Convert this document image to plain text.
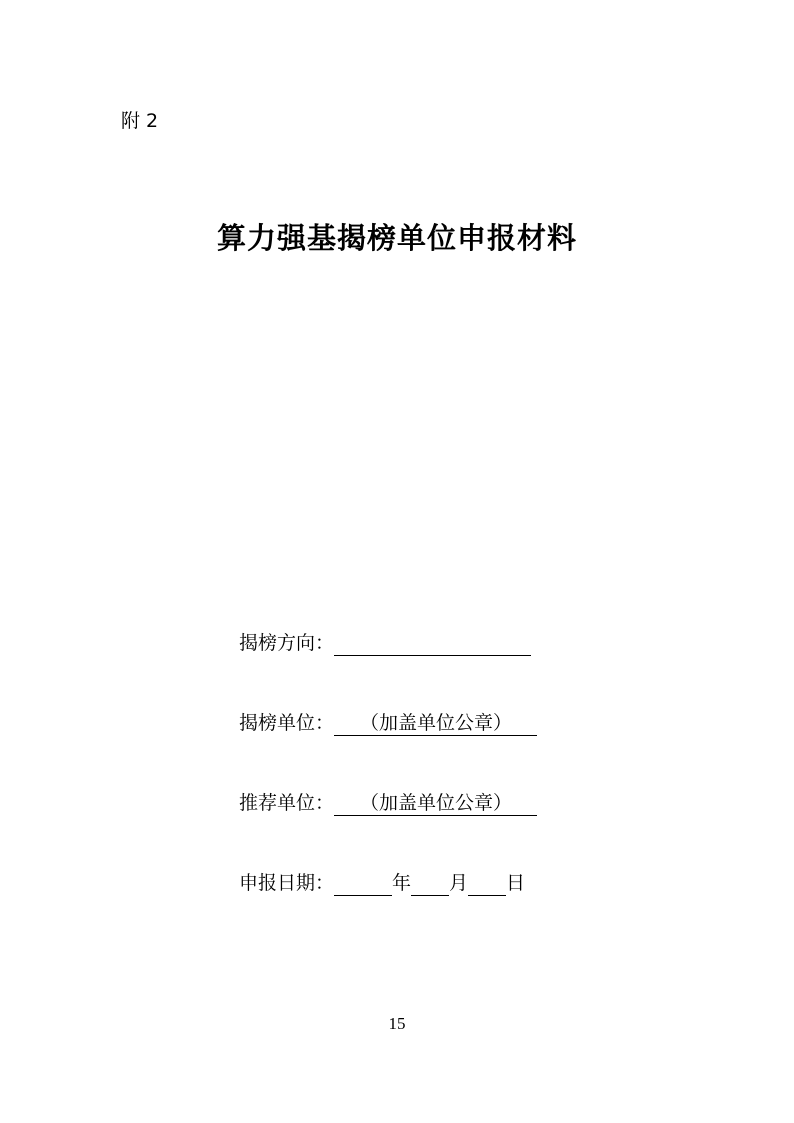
附 2
算力强基揭榜单位申报材料
揭榜方向：
揭榜单位：	（加盖单位公章）
推荐单位：	（加盖单位公章）
申报日期：	年 月 日
15
